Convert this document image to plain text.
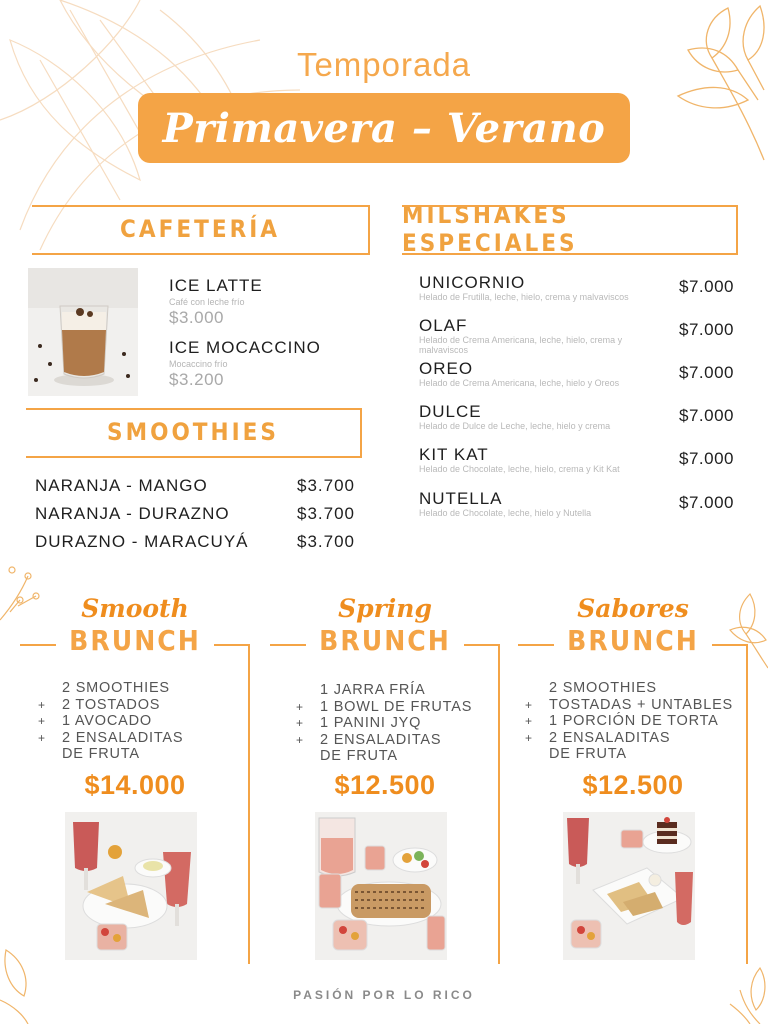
Temporada
Primavera – Verano
CAFETERÍA
ICE LATTE
Café con leche frío
$3.000
ICE MOCACCINO
Mocaccino frío
$3.200
SMOOTHIES
NARANJA - MANGO	$3.700
NARANJA - DURAZNO	$3.700
DURAZNO - MARACUYÁ	$3.700
MILSHAKES ESPECIALES
UNICORNIO
Helado de Frutilla, leche, hielo, crema y malvaviscos
$7.000
OLAF
Helado de Crema Americana, leche, hielo, crema y malvaviscos
$7.000
OREO
Helado de Crema Americana, leche, hielo y Oreos
$7.000
DULCE
Helado de Dulce de Leche, leche, hielo y crema
$7.000
KIT KAT
Helado de Chocolate, leche, hielo, crema y Kit Kat
$7.000
NUTELLA
Helado de Chocolate, leche, hielo y Nutella
$7.000
Smooth
BRUNCH
2 SMOOTHIES
+ 2 TOSTADOS
+ 1 AVOCADO
+ 2 ENSALADITAS DE FRUTA
$14.000
Spring
BRUNCH
1 JARRA FRÍA
+ 1 BOWL DE FRUTAS
+ 1 PANINI JYQ
+ 2 ENSALADITAS DE FRUTA
$12.500
Sabores
BRUNCH
2 SMOOTHIES
+ TOSTADAS + UNTABLES
+ 1 PORCIÓN DE TORTA
+ 2 ENSALADITAS DE FRUTA
$12.500
PASIÓN POR LO RICO
